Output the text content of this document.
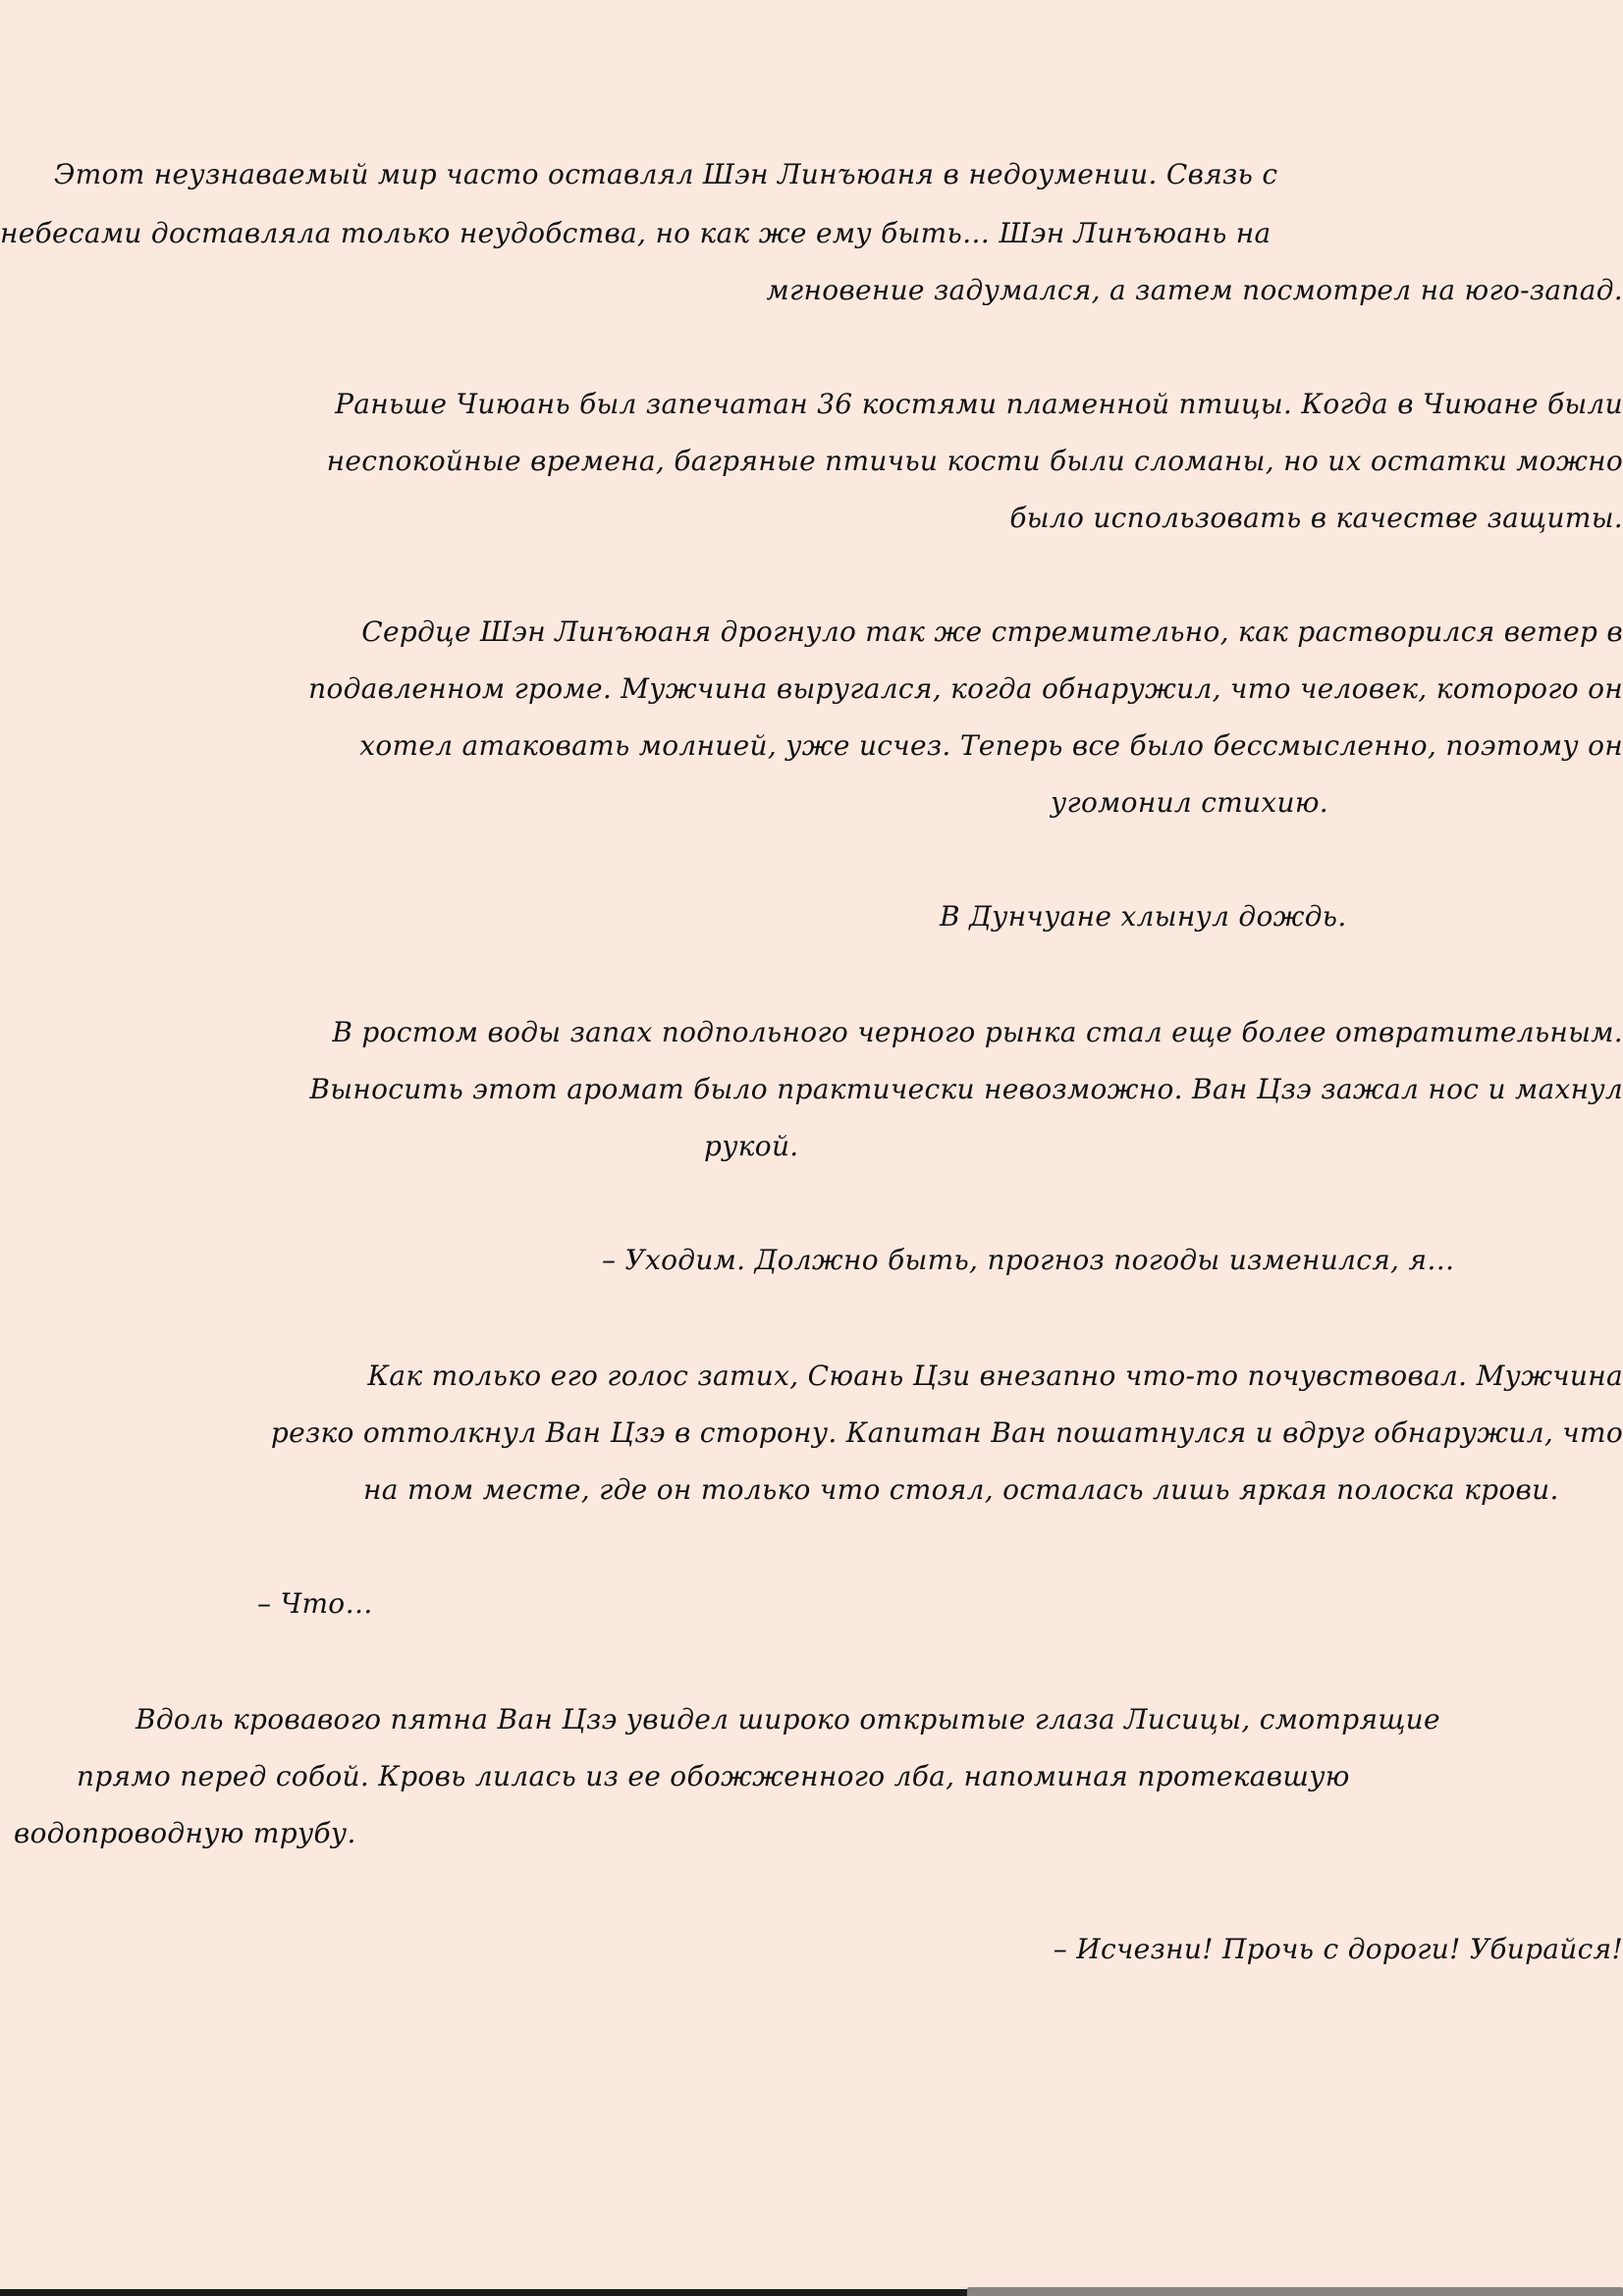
Этот неузнаваемый мир часто оставлял Шэн Линъюаня в недоумении. Связь с
небесами доставляла только неудобства, но как же ему быть… Шэн Линъюань на
мгновение задумался, а затем посмотрел на юго-запад.
Раньше Чиюань был запечатан 36 костями пламенной птицы. Когда в Чиюане были
неспокойные времена, багряные птичьи кости были сломаны, но их остатки можно
было использовать в качестве защиты.
Сердце Шэн Линъюаня дрогнуло так же стремительно, как растворился ветер в
подавленном громе. Мужчина выругался, когда обнаружил, что человек, которого он
хотел атаковать молнией, уже исчез. Теперь все было бессмысленно, поэтому он
угомонил стихию.
В Дунчуане хлынул дождь.
В ростом воды запах подпольного черного рынка стал еще более отвратительным.
Выносить этот аромат было практически невозможно. Ван Цзэ зажал нос и махнул
рукой.
– Уходим. Должно быть, прогноз погоды изменился, я…
Как только его голос затих, Сюань Цзи внезапно что-то почувствовал. Мужчина
резко оттолкнул Ван Цзэ в сторону. Капитан Ван пошатнулся и вдруг обнаружил, что
на том месте, где он только что стоял, осталась лишь яркая полоска крови.
– Что…
Вдоль кровавого пятна Ван Цзэ увидел широко открытые глаза Лисицы, смотрящие
прямо перед собой. Кровь лилась из ее обожженного лба, напоминая протекавшую
водопроводную трубу.
– Исчезни! Прочь с дороги! Убирайся!
